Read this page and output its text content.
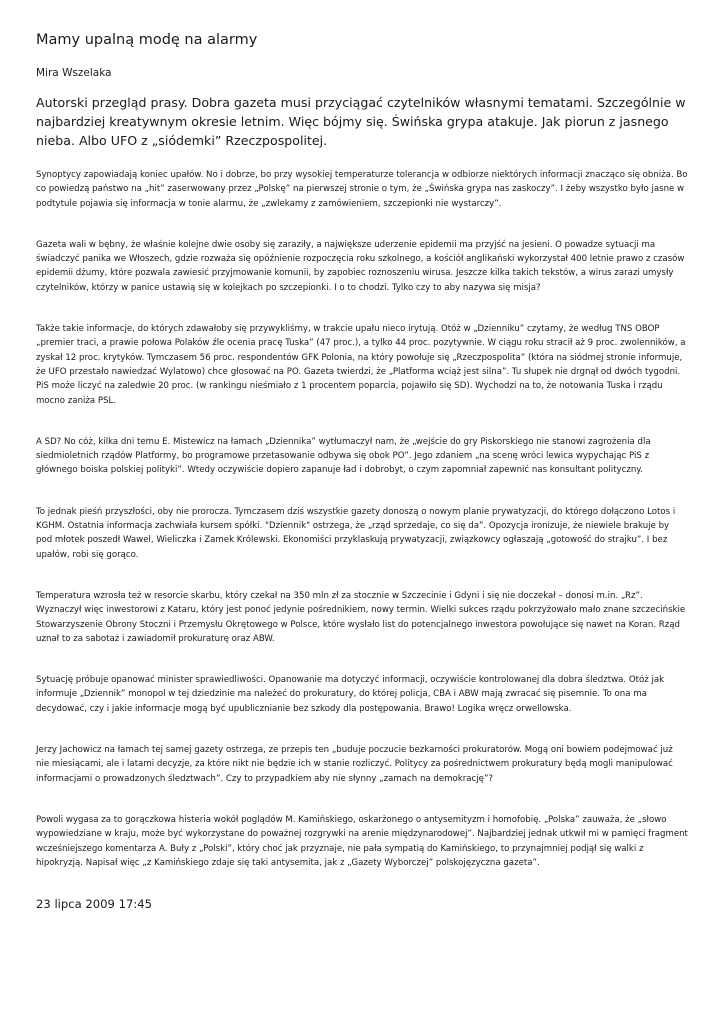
Mamy upalną modę na alarmy
Mira Wszelaka

Autorski przegląd prasy. Dobra gazeta musi przyciągać czytelników własnymi tematami. Szczególnie w najbardziej kreatywnym okresie letnim. Więc bójmy się. Świńska grypa atakuje. Jak piorun z jasnego nieba. Albo UFO z „siódemki” Rzeczpospolitej.

Synoptycy zapowiadają koniec upałów. No i dobrze, bo przy wysokiej temperaturze tolerancja w odbiorze niektórych informacji znacząco się obniża. Bo co powiedzą państwo na „hit” zaserwowany przez „Polskę” na pierwszej stronie o tym, że „Świńska grypa nas zaskoczy”. I żeby wszystko było jasne w podtytule pojawia się informacja w tonie alarmu, że „zwlekamy z zamówieniem, szczepionki nie wystarczy”.

Gazeta wali w bębny, że właśnie kolejne dwie osoby się zaraziły, a największe uderzenie epidemii ma przyjść na jesieni. O powadze sytuacji ma świadczyć panika we Włoszech, gdzie rozważa się opóźnienie rozpoczęcia roku szkolnego, a kościół anglikański wykorzystał 400 letnie prawo z czasów epidemii dżumy, które pozwala zawiesić przyjmowanie komunii, by zapobiec roznoszeniu wirusa. Jeszcze kilka takich tekstów, a wirus zarazi umysły czytelników, którzy w panice ustawią się w kolejkach po szczepionki. I o to chodzi. Tylko czy to aby nazywa się misja?

Także takie informacje, do których zdawałoby się przywykliśmy, w trakcie upału nieco irytują. Otóż w „Dzienniku” czytamy, że według TNS OBOP „premier traci, a prawie połowa Polaków źle ocenia pracę Tuska” (47 proc.), a tylko 44 proc. pozytywnie. W ciągu roku stracił aż 9 proc. zwolenników, a zyskał 12 proc. krytyków. Tymczasem 56 proc. respondentów GFK Polonia, na który powołuje się „Rzeczpospolita” (która na siódmej stronie informuje, że UFO przestało nawiedzać Wylatowo) chce głosować na PO. Gazeta twierdzi, że „Platforma wciąż jest silna”. Tu słupek nie drgnął od dwóch tygodni. PiS może liczyć na zaledwie 20 proc. (w rankingu nieśmiało z 1 procentem poparcia, pojawiło się SD). Wychodzi na to, że notowania Tuska i rządu mocno zaniża PSL.

A SD? No cóż, kilka dni temu E. Mistewicz na łamach „Dziennika” wytłumaczył nam, że „wejście do gry Piskorskiego nie stanowi zagrożenia dla siedmioletnich rządów Platformy, bo programowe przetasowanie odbywa się obok PO”. Jego zdaniem „na scenę wróci lewica wypychając PiS z głównego boiska polskiej polityki”. Wtedy oczywiście dopiero zapanuje ład i dobrobyt, o czym zapomniał zapewnić nas konsultant polityczny.

To jednak pieśń przyszłości, oby nie prorocza. Tymczasem dziś wszystkie gazety donoszą o nowym planie prywatyzacji, do którego dołączono Lotos i KGHM. Ostatnia informacja zachwiała kursem spółki. "Dziennik" ostrzega, że „rząd sprzedaje, co się da”. Opozycja ironizuje, że niewiele brakuje by pod młotek poszedł Wawel, Wieliczka i Zamek Królewski. Ekonomiści przyklaskują prywatyzacji, związkowcy ogłaszają „gotowość do strajku”. I bez upałów, robi się gorąco.

Temperatura wzrosła też w resorcie skarbu, który czekał na 350 mln zł za stocznie w Szczecinie i Gdyni i się nie doczekał – donosi m.in. „Rz”. Wyznaczył więc inwestorowi z Kataru, który jest ponoć jedynie pośrednikiem, nowy termin. Wielki sukces rządu pokrzyżowało mało znane szczecińskie Stowarzyszenie Obrony Stoczni i Przemysłu Okrętowego w Polsce, które wysłało list do potencjalnego inwestora powołujące się nawet na Koran. Rząd uznał to za sabotaż i zawiadomił prokuraturę oraz ABW.

Sytuację próbuje opanować minister sprawiedliwości. Opanowanie ma dotyczyć informacji, oczywiście kontrolowanej dla dobra śledztwa. Otóż jak informuje „Dziennik” monopol w tej dziedzinie ma należeć do prokuratury, do której policja, CBA i ABW mają zwracać się pisemnie. To ona ma decydować, czy i jakie informacje mogą być upublicznianie bez szkody dla postępowania. Brawo! Logika wręcz orwellowska.

Jerzy Jachowicz na łamach tej samej gazety ostrzega, ze przepis ten „buduje poczucie bezkarności prokuratorów. Mogą oni bowiem podejmować już nie miesiącami, ale i latami decyzje, za które nikt nie będzie ich w stanie rozliczyć. Politycy za pośrednictwem prokuratury będą mogli manipulować informacjami o prowadzonych śledztwach”. Czy to przypadkiem aby nie słynny „zamach na demokrację”?

Powoli wygasa za to gorączkowa histeria wokół poglądów M. Kamińskiego, oskarżonego o antysemityzm i homofobię. „Polska” zauważa, że „słowo wypowiedziane w kraju, może być wykorzystane do poważnej rozgrywki na arenie międzynarodowej”. Najbardziej jednak utkwił mi w pamięci fragment wcześniejszego komentarza A. Buły z „Polski”, który choć jak przyznaje, nie pała sympatią do Kamińskiego, to przynajmniej podjął się walki z hipokryzją. Napisał więc „z Kamińskiego zdaje się taki antysemita, jak z „Gazety Wyborczej” polskojęzyczna gazeta”.

23 lipca 2009 17:45
